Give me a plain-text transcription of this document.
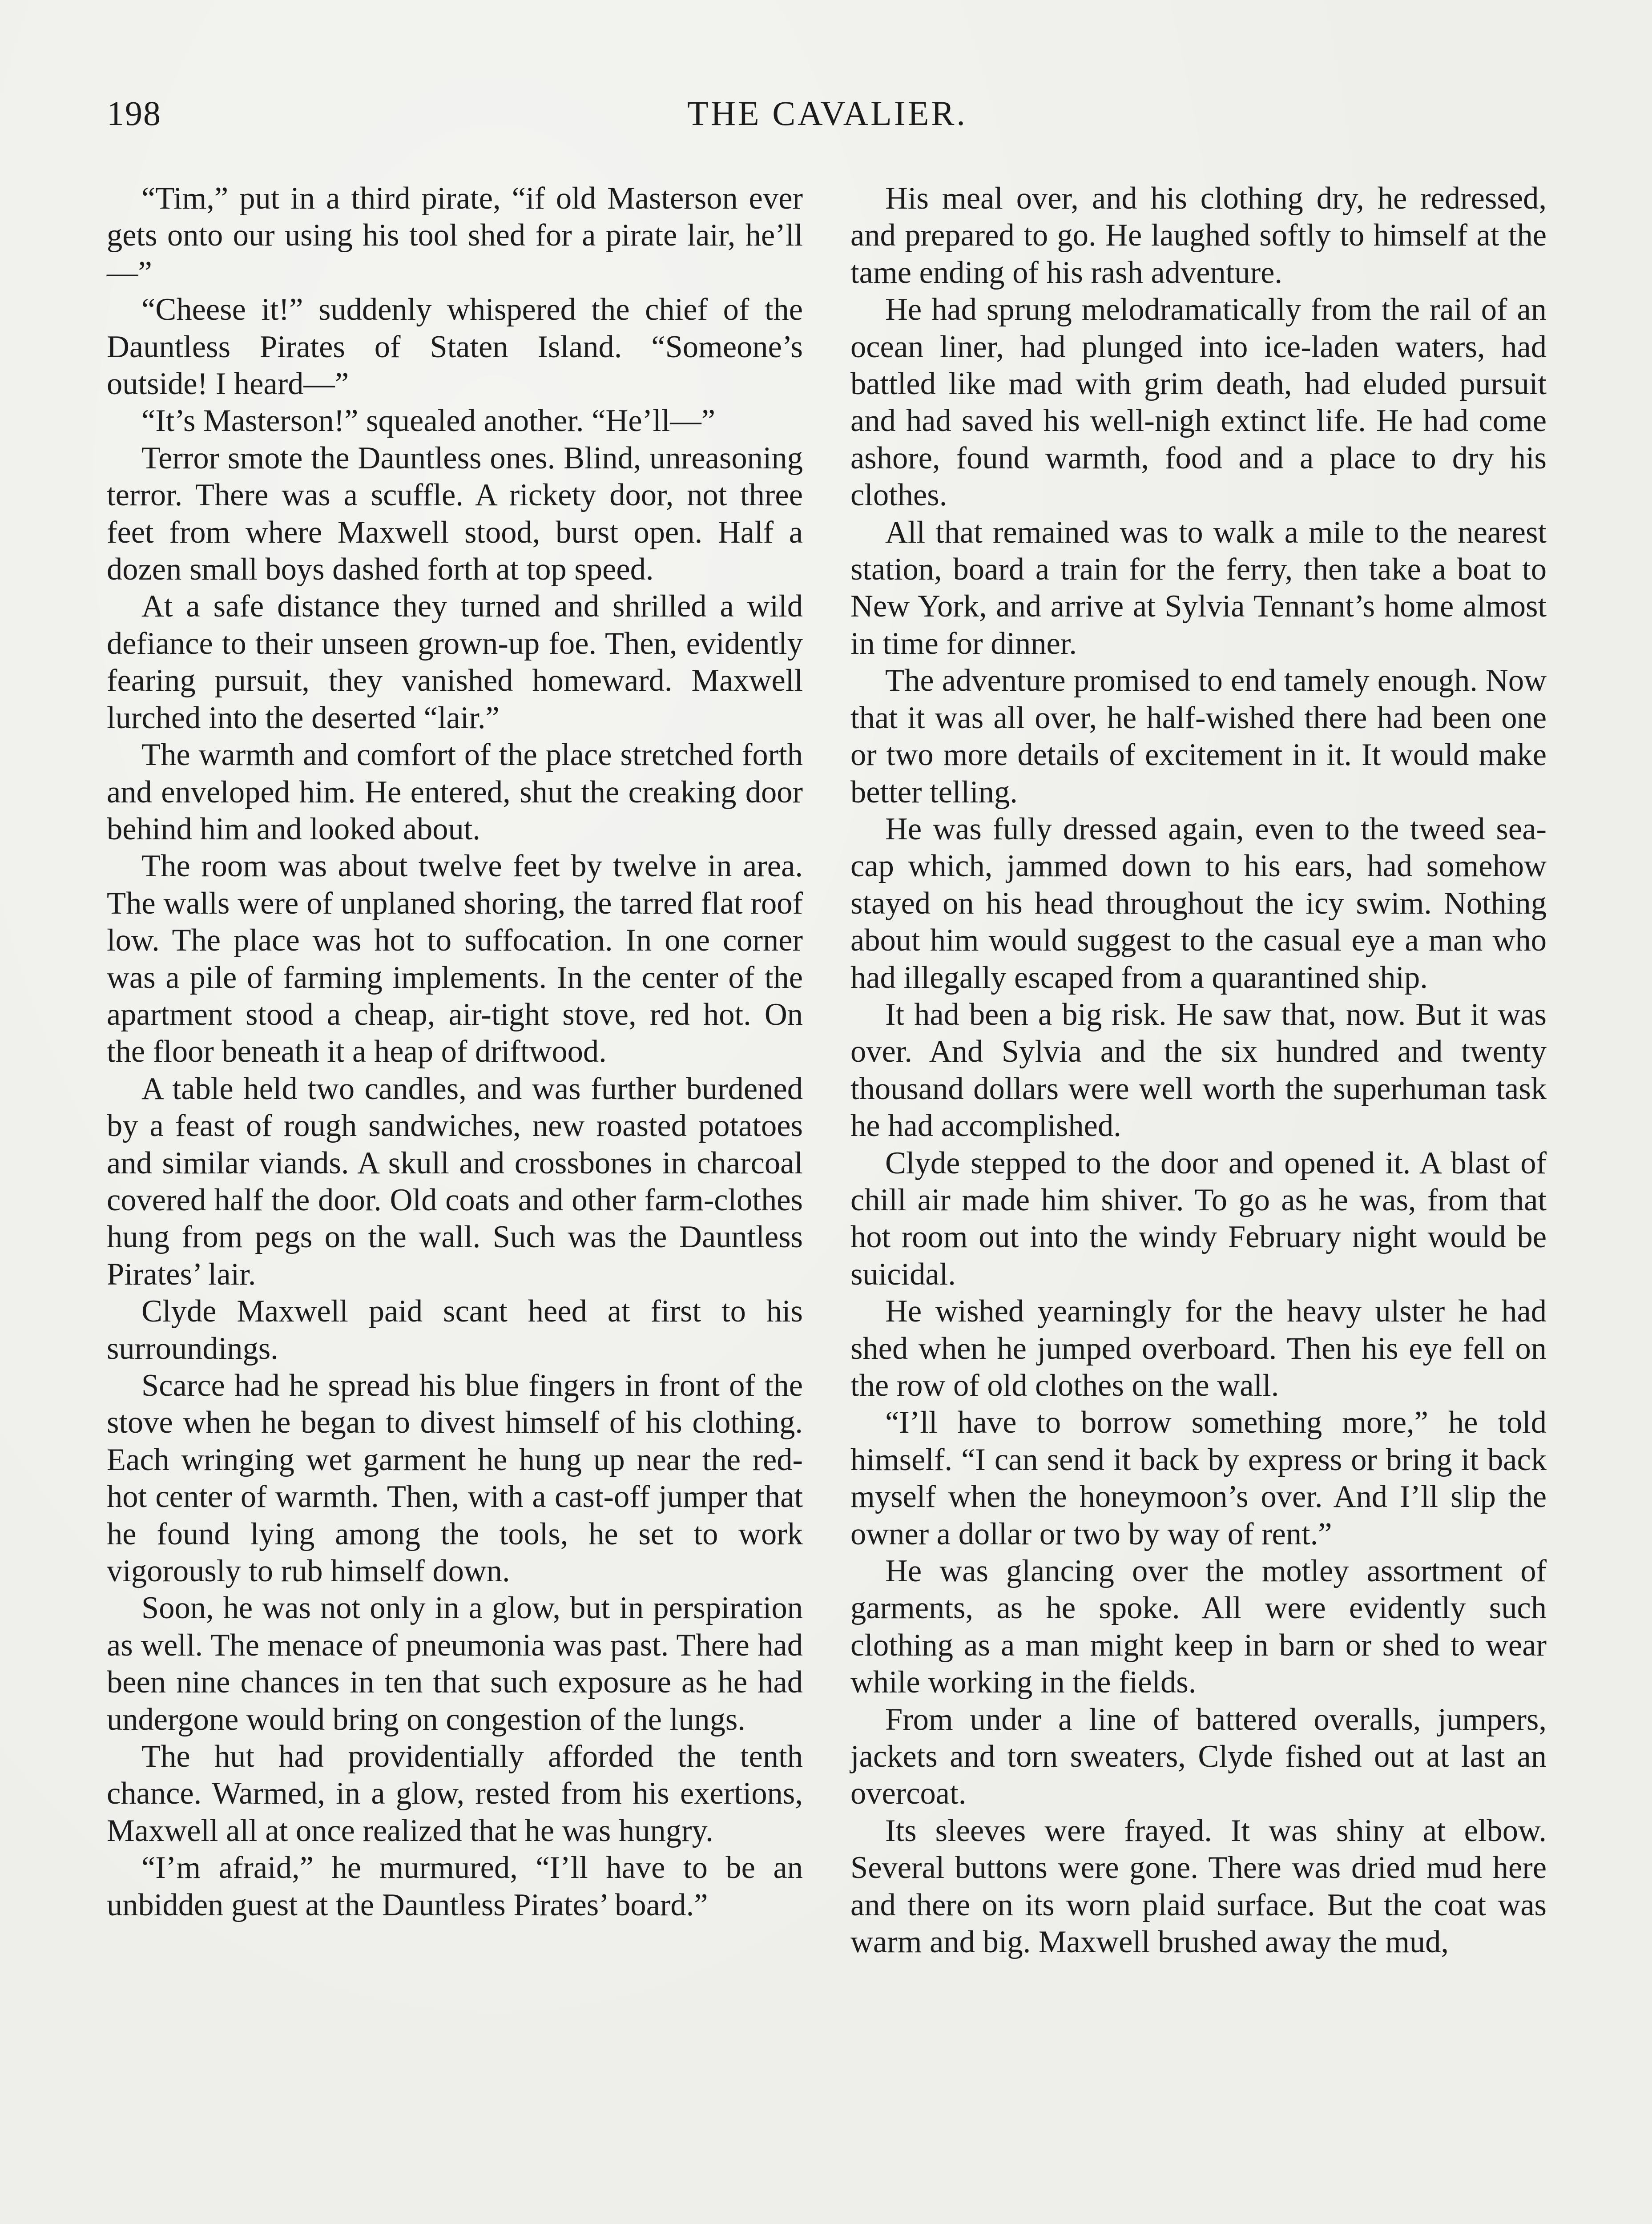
198	THE CAVALIER.

“Tim,” put in a third pirate, “if old Masterson ever gets onto our using his tool shed for a pirate lair, he’ll—”

“Cheese it!” suddenly whispered the chief of the Dauntless Pirates of Staten Island. “Someone’s outside! I heard—”

“It’s Masterson!” squealed another. “He’ll—”

Terror smote the Dauntless ones. Blind, unreasoning terror. There was a scuffle. A rickety door, not three feet from where Maxwell stood, burst open. Half a dozen small boys dashed forth at top speed.

At a safe distance they turned and shrilled a wild defiance to their unseen grown-up foe. Then, evidently fearing pursuit, they vanished homeward. Maxwell lurched into the deserted “lair.”

The warmth and comfort of the place stretched forth and enveloped him. He entered, shut the creaking door behind him and looked about.

The room was about twelve feet by twelve in area. The walls were of unplaned shoring, the tarred flat roof low. The place was hot to suffocation. In one corner was a pile of farming implements. In the center of the apartment stood a cheap, air-tight stove, red hot. On the floor beneath it a heap of driftwood.

A table held two candles, and was further burdened by a feast of rough sandwiches, new roasted potatoes and similar viands. A skull and crossbones in charcoal covered half the door. Old coats and other farm-clothes hung from pegs on the wall. Such was the Dauntless Pirates’ lair.

Clyde Maxwell paid scant heed at first to his surroundings.

Scarce had he spread his blue fingers in front of the stove when he began to divest himself of his clothing. Each wringing wet garment he hung up near the red-hot center of warmth. Then, with a cast-off jumper that he found lying among the tools, he set to work vigorously to rub himself down.

Soon, he was not only in a glow, but in perspiration as well. The menace of pneumonia was past. There had been nine chances in ten that such exposure as he had undergone would bring on congestion of the lungs.

The hut had providentially afforded the tenth chance. Warmed, in a glow, rested from his exertions, Maxwell all at once realized that he was hungry.

“I’m afraid,” he murmured, “I’ll have to be an unbidden guest at the Dauntless Pirates’ board.”

His meal over, and his clothing dry, he redressed, and prepared to go. He laughed softly to himself at the tame ending of his rash adventure.

He had sprung melodramatically from the rail of an ocean liner, had plunged into ice-laden waters, had battled like mad with grim death, had eluded pursuit and had saved his well-nigh extinct life. He had come ashore, found warmth, food and a place to dry his clothes.

All that remained was to walk a mile to the nearest station, board a train for the ferry, then take a boat to New York, and arrive at Sylvia Tennant’s home almost in time for dinner.

The adventure promised to end tamely enough. Now that it was all over, he half-wished there had been one or two more details of excitement in it. It would make better telling.

He was fully dressed again, even to the tweed sea-cap which, jammed down to his ears, had somehow stayed on his head throughout the icy swim. Nothing about him would suggest to the casual eye a man who had illegally escaped from a quarantined ship.

It had been a big risk. He saw that, now. But it was over. And Sylvia and the six hundred and twenty thousand dollars were well worth the superhuman task he had accomplished.

Clyde stepped to the door and opened it. A blast of chill air made him shiver. To go as he was, from that hot room out into the windy February night would be suicidal.

He wished yearningly for the heavy ulster he had shed when he jumped overboard. Then his eye fell on the row of old clothes on the wall.

“I’ll have to borrow something more,” he told himself. “I can send it back by express or bring it back myself when the honeymoon’s over. And I’ll slip the owner a dollar or two by way of rent.”

He was glancing over the motley assortment of garments, as he spoke. All were evidently such clothing as a man might keep in barn or shed to wear while working in the fields.

From under a line of battered overalls, jumpers, jackets and torn sweaters, Clyde fished out at last an overcoat.

Its sleeves were frayed. It was shiny at elbow. Several buttons were gone. There was dried mud here and there on its worn plaid surface. But the coat was warm and big. Maxwell brushed away the mud,
